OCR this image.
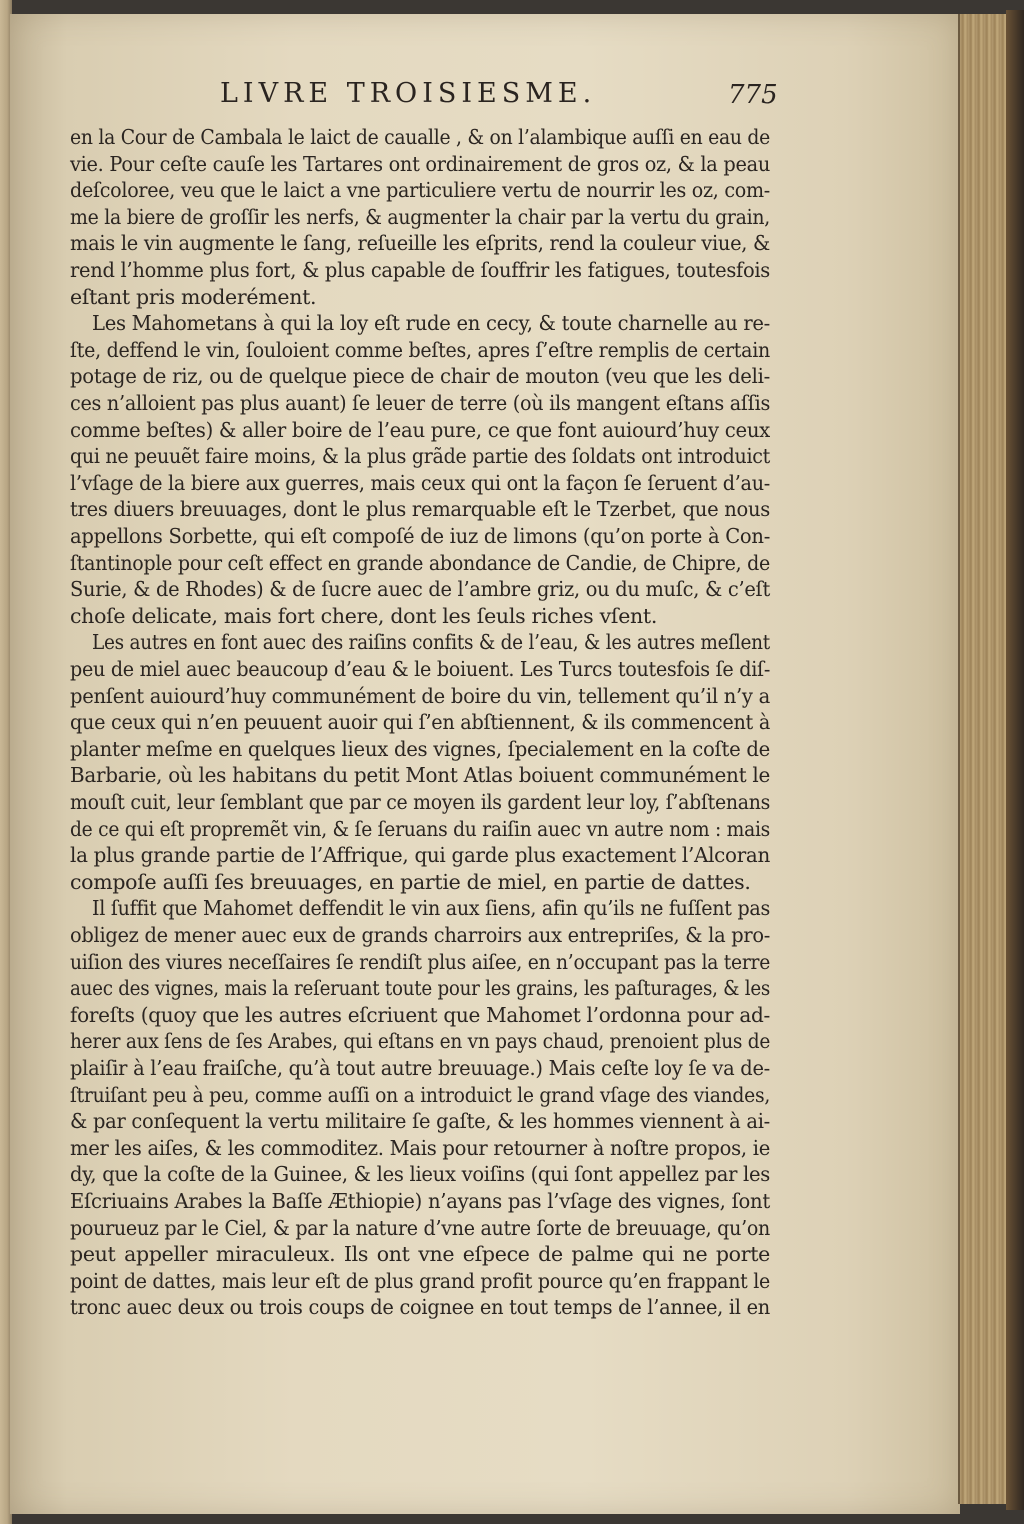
LIVRE TROISIESME.	775
en la Cour de Cambala le laict de caualle , & on l’alambique auſſi en eau de
vie. Pour ceſte cauſe les Tartares ont ordinairement de gros oz, & la peau
deſcoloree, veu que le laict a vne particuliere vertu de nourrir les oz, com-
me la biere de groſſir les nerfs, & augmenter la chair par la vertu du grain,
mais le vin augmente le ſang, reſueille les eſprits, rend la couleur viue, &
rend l’homme plus fort, & plus capable de ſouffrir les fatigues, toutesfois
eſtant pris moderément.
Les Mahometans à qui la loy eſt rude en cecy, & toute charnelle au re-
ſte, deffend le vin, ſouloient comme beſtes, apres ſ’eſtre remplis de certain
potage de riz, ou de quelque piece de chair de mouton (veu que les deli-
ces n’alloient pas plus auant) ſe leuer de terre (où ils mangent eſtans aſſis
comme beſtes) & aller boire de l’eau pure, ce que font auiourd’huy ceux
qui ne peuuẽt faire moins, & la plus grãde partie des ſoldats ont introduict
l’vſage de la biere aux guerres, mais ceux qui ont la façon ſe ſeruent d’au-
tres diuers breuuages, dont le plus remarquable eſt le Tzerbet, que nous
appellons Sorbette, qui eſt compoſé de iuz de limons (qu’on porte à Con-
ſtantinople pour ceſt effect en grande abondance de Candie, de Chipre, de
Surie, & de Rhodes) & de ſucre auec de l’ambre griz, ou du muſc, & c’eſt
choſe delicate, mais fort chere, dont les ſeuls riches vſent.
Les autres en font auec des raiſins confits & de l’eau, & les autres meſlent
peu de miel auec beaucoup d’eau & le boiuent. Les Turcs toutesfois ſe diſ-
penſent auiourd’huy communément de boire du vin, tellement qu’il n’y a
que ceux qui n’en peuuent auoir qui ſ’en abſtiennent, & ils commencent à
planter meſme en quelques lieux des vignes, ſpecialement en la coſte de
Barbarie, où les habitans du petit Mont Atlas boiuent communément le
mouſt cuit, leur ſemblant que par ce moyen ils gardent leur loy, ſ’abſtenans
de ce qui eſt propremẽt vin, & ſe ſeruans du raiſin auec vn autre nom : mais
la plus grande partie de l’Affrique, qui garde plus exactement l’Alcoran
compoſe auſſi ſes breuuages, en partie de miel, en partie de dattes.
Il ſuffit que Mahomet deffendit le vin aux ſiens, afin qu’ils ne fuſſent pas
obligez de mener auec eux de grands charroirs aux entrepriſes, & la pro-
uiſion des viures neceſſaires ſe rendiſt plus aiſee, en n’occupant pas la terre
auec des vignes, mais la reſeruant toute pour les grains, les paſturages, & les
foreſts (quoy que les autres eſcriuent que Mahomet l’ordonna pour ad-
herer aux ſens de ſes Arabes, qui eſtans en vn pays chaud, prenoient plus de
plaiſir à l’eau fraiſche, qu’à tout autre breuuage.) Mais ceſte loy ſe va de-
ſtruiſant peu à peu, comme auſſi on a introduict le grand vſage des viandes,
& par conſequent la vertu militaire ſe gaſte, & les hommes viennent à ai-
mer les aiſes, & les commoditez. Mais pour retourner à noſtre propos, ie
dy, que la coſte de la Guinee, & les lieux voiſins (qui ſont appellez par les
Eſcriuains Arabes la Baſſe Æthiopie) n’ayans pas l’vſage des vignes, ſont
pourueuz par le Ciel, & par la nature d’vne autre ſorte de breuuage, qu’on
peut appeller miraculeux. Ils ont vne eſpece de palme qui ne porte
point de dattes, mais leur eſt de plus grand profit pource qu’en frappant le
tronc auec deux ou trois coups de coignee en tout temps de l’annee, il en
